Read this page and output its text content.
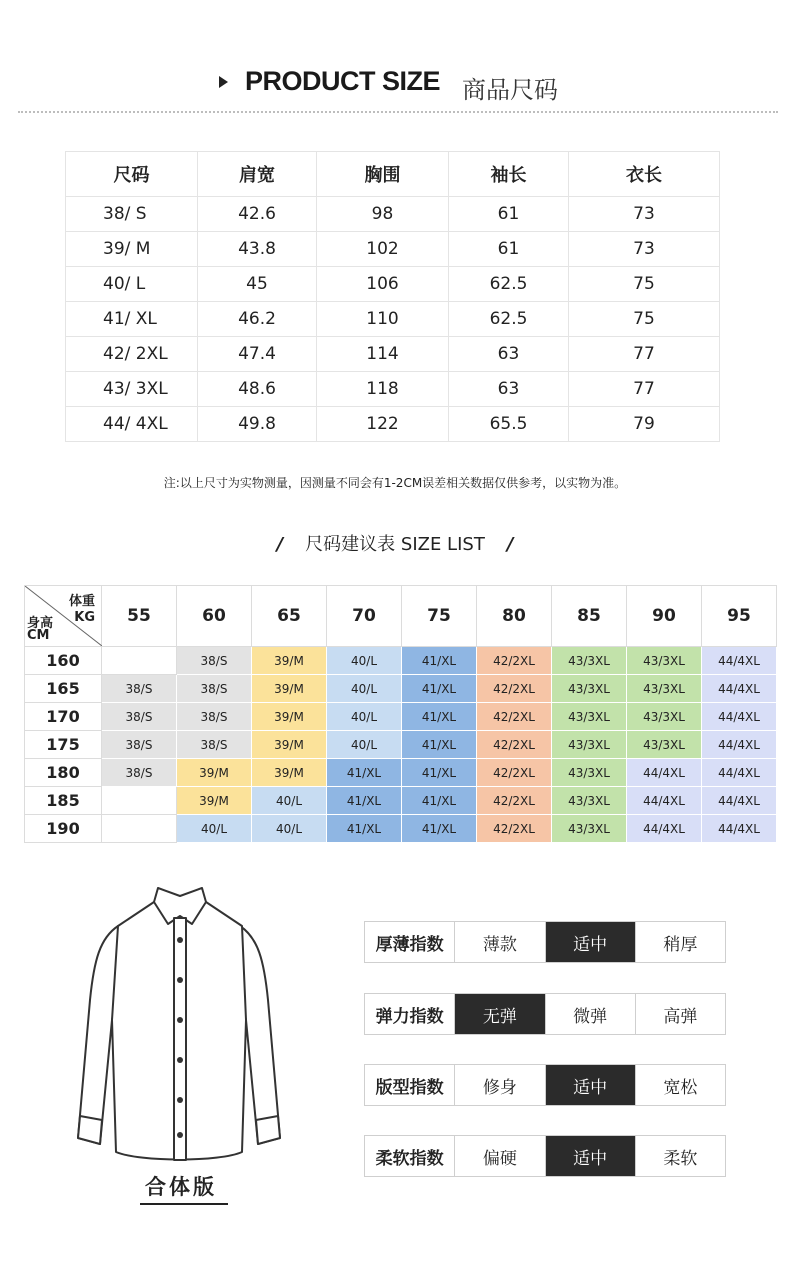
PRODUCT SIZE 商品尺码
尺码	肩宽	胸围	袖长	衣长
38/ S	42.6	98	61	73
39/ M	43.8	102	61	73
40/ L	45	106	62.5	75
41/ XL	46.2	110	62.5	75
42/ 2XL	47.4	114	63	77
43/ 3XL	48.6	118	63	77
44/ 4XL	49.8	122	65.5	79
注:以上尺寸为实物测量，因测量不同会有1-2CM误差相关数据仅供参考，以实物为准。
/ 尺码建议表 SIZE LIST /
体重
KG
身高
CM	55	60	65	70	75	80	85	90	95
160		38/S	39/M	40/L	41/XL	42/2XL	43/3XL	43/3XL	44/4XL
165	38/S	38/S	39/M	40/L	41/XL	42/2XL	43/3XL	43/3XL	44/4XL
170	38/S	38/S	39/M	40/L	41/XL	42/2XL	43/3XL	43/3XL	44/4XL
175	38/S	38/S	39/M	40/L	41/XL	42/2XL	43/3XL	43/3XL	44/4XL
180	38/S	39/M	39/M	41/XL	41/XL	42/2XL	43/3XL	44/4XL	44/4XL
185		39/M	40/L	41/XL	41/XL	42/2XL	43/3XL	44/4XL	44/4XL
190		40/L	40/L	41/XL	41/XL	42/2XL	43/3XL	44/4XL	44/4XL
合体版
厚薄指数	薄款	适中	稍厚
弹力指数	无弹	微弹	高弹
版型指数	修身	适中	宽松
柔软指数	偏硬	适中	柔软
